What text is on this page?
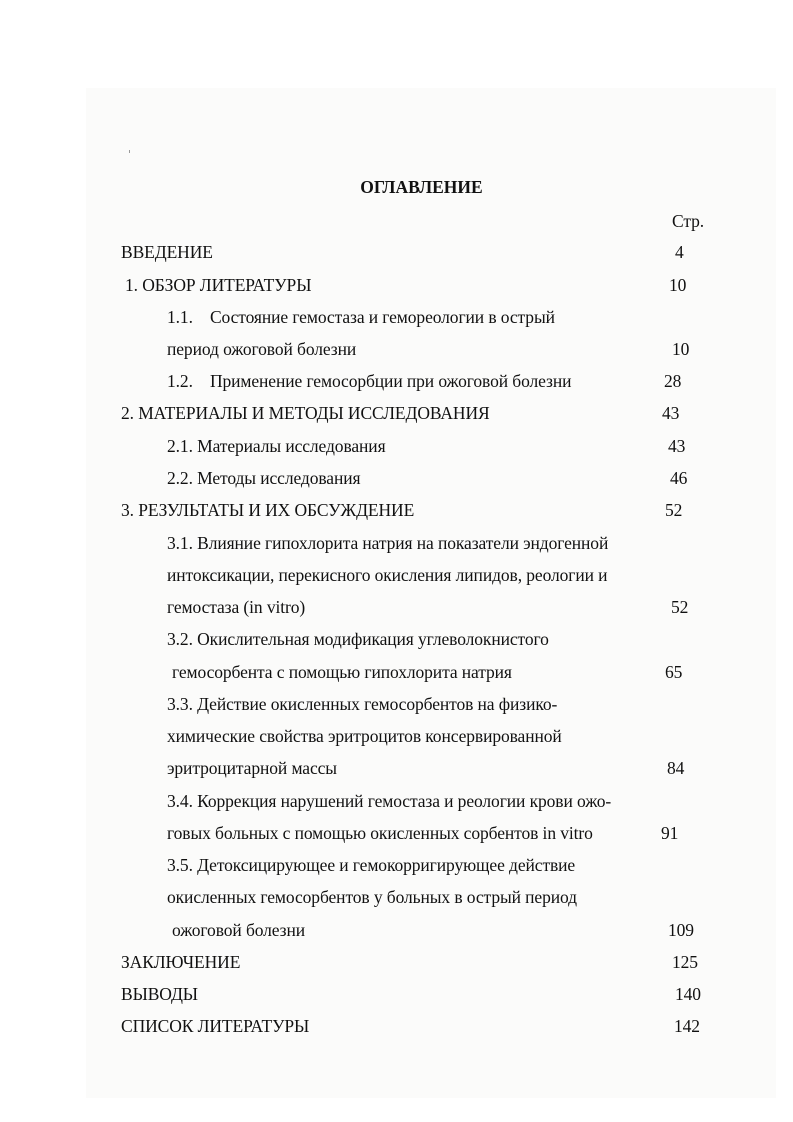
ОГЛАВЛЕНИЕ
Стр.
ВВЕДЕНИЕ	4
1. ОБЗОР ЛИТЕРАТУРЫ	10
1.1.    Состояние гемостаза и гемореологии в острый
период ожоговой болезни	10
1.2.    Применение гемосорбции при ожоговой болезни	28
2. МАТЕРИАЛЫ И МЕТОДЫ ИССЛЕДОВАНИЯ	43
2.1. Материалы исследования	43
2.2. Методы исследования	46
3. РЕЗУЛЬТАТЫ И ИХ ОБСУЖДЕНИЕ	52
3.1. Влияние гипохлорита натрия на показатели эндогенной
интоксикации, перекисного окисления липидов, реологии и
гемостаза (in vitro)	52
3.2. Окислительная модификация углеволокнистого
гемосорбента с помощью гипохлорита натрия	65
3.3. Действие окисленных гемосорбентов на физико-
химические свойства эритроцитов консервированной
эритроцитарной массы	84
3.4. Коррекция нарушений гемостаза и реологии крови ожо-
говых больных с помощью окисленных сорбентов in vitro	91
3.5. Детоксицирующее и гемокорригирующее действие
окисленных гемосорбентов у больных в острый период
ожоговой болезни	109
ЗАКЛЮЧЕНИЕ	125
ВЫВОДЫ	140
СПИСОК ЛИТЕРАТУРЫ	142
